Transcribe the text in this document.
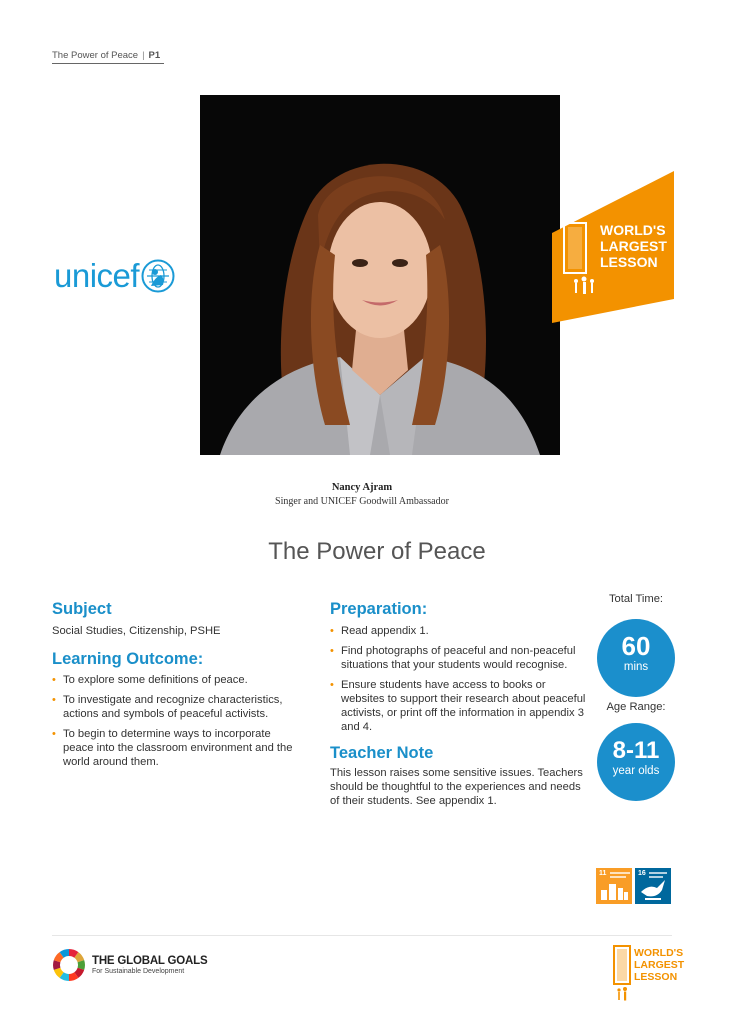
The Power of Peace | P1
unicef
WORLD'S
LARGEST
LESSON
Nancy Ajram
Singer and UNICEF Goodwill Ambassador
The Power of Peace
Subject
Social Studies, Citizenship, PSHE
Learning Outcome:
• To explore some definitions of peace.
• To investigate and recognize characteristics, actions and symbols of peaceful activists.
• To begin to determine ways to incorporate peace into the classroom environment and the world around them.
Preparation:
• Read appendix 1.
• Find photographs of peaceful and non-peaceful situations that your students would recognise.
• Ensure students have access to books or websites to support their research about peaceful activists, or print off the information in appendix 3 and 4.
Teacher Note
This lesson raises some sensitive issues. Teachers should be thoughtful to the experiences and needs of their students. See appendix 1.
Total Time:
60
mins
Age Range:
8-11
year olds
11	16
THE GLOBAL GOALS
For Sustainable Development
WORLD'S
LARGEST
LESSON
